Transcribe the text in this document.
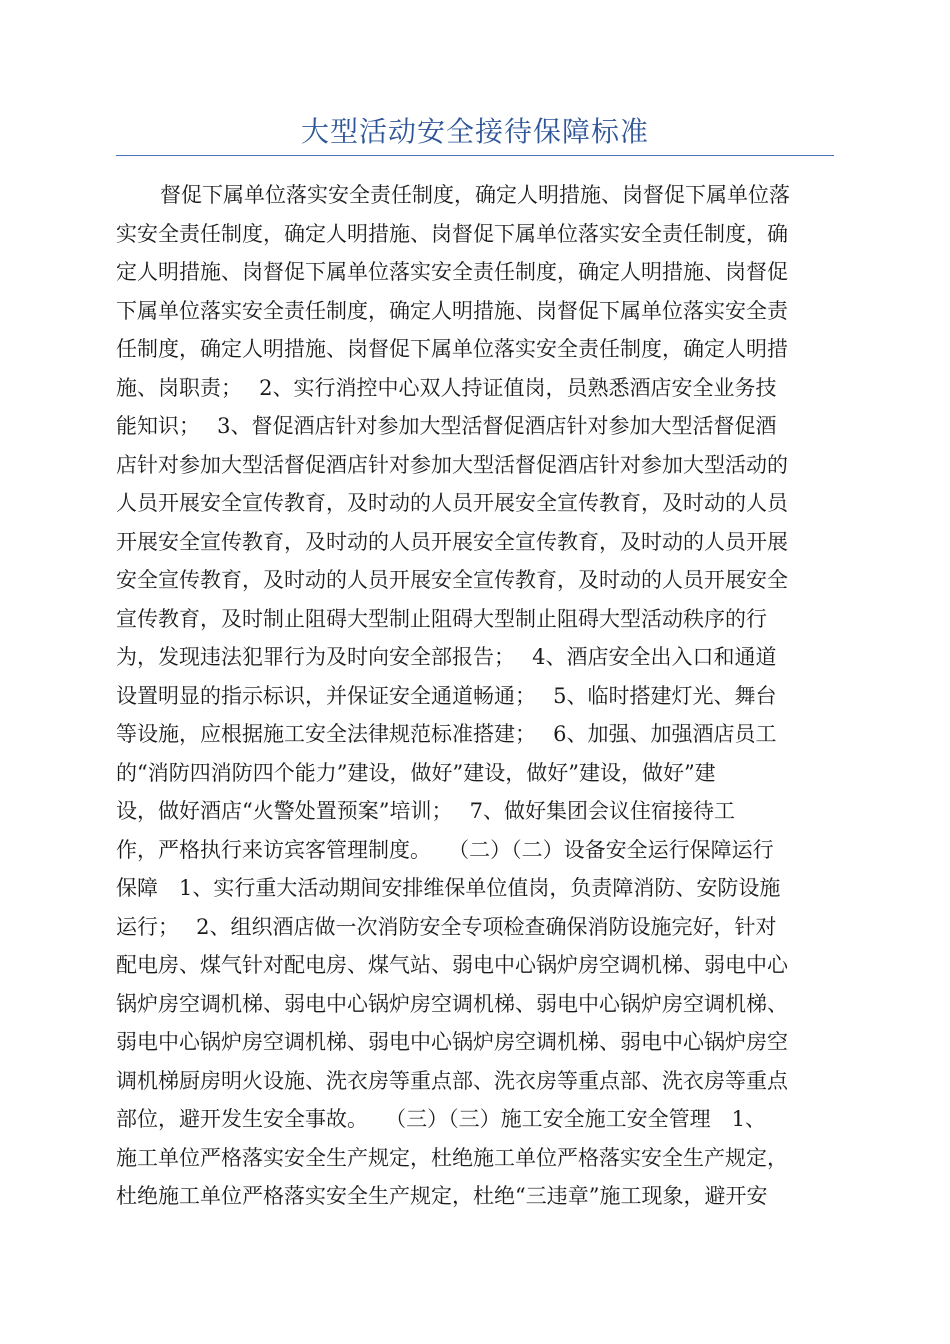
大型活动安全接待保障标准
督促下属单位落实安全责任制度，确定人明措施、岗督促下属单位落
实安全责任制度，确定人明措施、岗督促下属单位落实安全责任制度，确
定人明措施、岗督促下属单位落实安全责任制度，确定人明措施、岗督促
下属单位落实安全责任制度，确定人明措施、岗督促下属单位落实安全责
任制度，确定人明措施、岗督促下属单位落实安全责任制度，确定人明措
施、岗职责；　 2、实行消控中心双人持证值岗，员熟悉酒店安全业务技
能知识；　 3、督促酒店针对参加大型活督促酒店针对参加大型活督促酒
店针对参加大型活督促酒店针对参加大型活督促酒店针对参加大型活动的
人员开展安全宣传教育，及时动的人员开展安全宣传教育，及时动的人员
开展安全宣传教育，及时动的人员开展安全宣传教育，及时动的人员开展
安全宣传教育，及时动的人员开展安全宣传教育，及时动的人员开展安全
宣传教育，及时制止阻碍大型制止阻碍大型制止阻碍大型活动秩序的行
为，发现违法犯罪行为及时向安全部报告；　 4、酒店安全出入口和通道
设置明显的指示标识，并保证安全通道畅通；　 5、临时搭建灯光、舞台
等设施，应根据施工安全法律规范标准搭建；　 6、加强、加强酒店员工
的“消防四消防四个能力”建设，做好”建设，做好”建设，做好”建
设，做好酒店“火警处置预案”培训；　 7、做好集团会议住宿接待工
作，严格执行来访宾客管理制度。　 （二）（二）设备安全运行保障运行
保障　1、实行重大活动期间安排维保单位值岗，负责障消防、安防设施
运行；　 2、组织酒店做一次消防安全专项检查确保消防设施完好，针对
配电房、煤气针对配电房、煤气站、弱电中心锅炉房空调机梯、弱电中心
锅炉房空调机梯、弱电中心锅炉房空调机梯、弱电中心锅炉房空调机梯、
弱电中心锅炉房空调机梯、弱电中心锅炉房空调机梯、弱电中心锅炉房空
调机梯厨房明火设施、洗衣房等重点部、洗衣房等重点部、洗衣房等重点
部位，避开发生安全事故。　 （三）（三）施工安全施工安全管理　1、
施工单位严格落实安全生产规定，杜绝施工单位严格落实安全生产规定，
杜绝施工单位严格落实安全生产规定，杜绝“三违章”施工现象，避开安
